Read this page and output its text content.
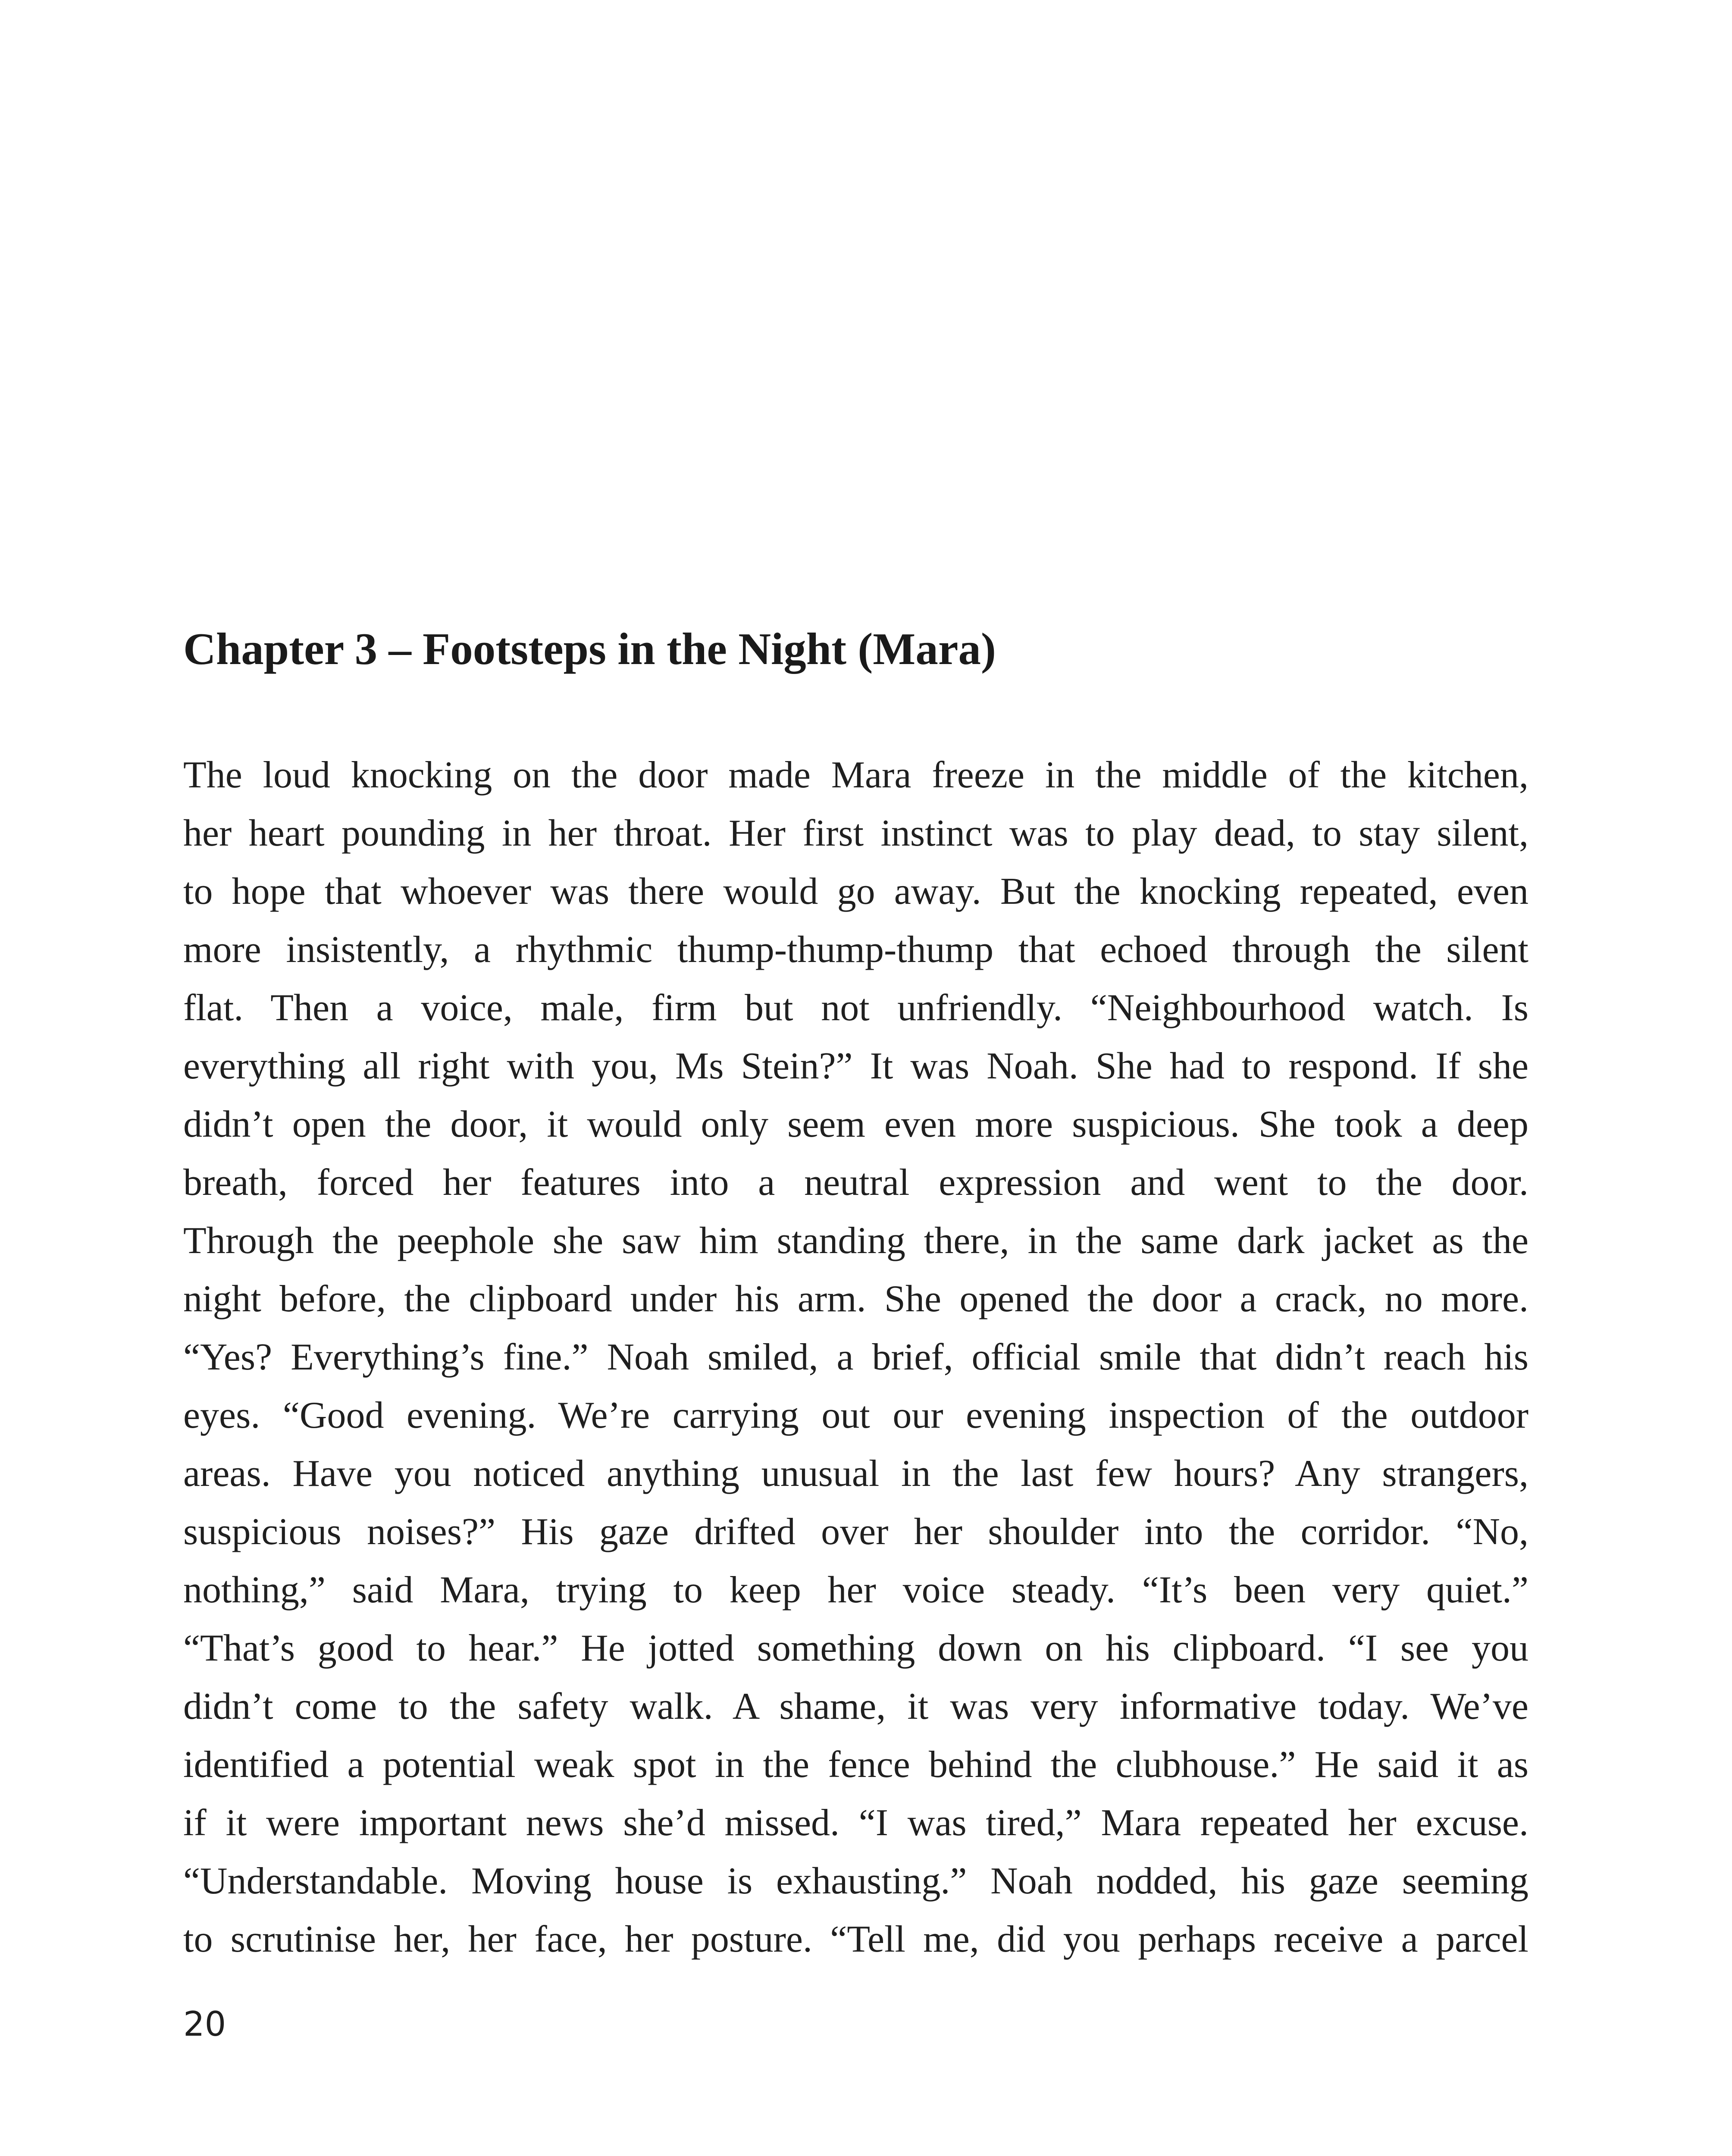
Chapter 3 – Footsteps in the Night (Mara)
The loud knocking on the door made Mara freeze in the middle of the kitchen,
her heart pounding in her throat. Her first instinct was to play dead, to stay silent,
to hope that whoever was there would go away. But the knocking repeated, even
more insistently, a rhythmic thump-thump-thump that echoed through the silent
flat. Then a voice, male, firm but not unfriendly. “Neighbourhood watch. Is
everything all right with you, Ms Stein?” It was Noah. She had to respond. If she
didn’t open the door, it would only seem even more suspicious. She took a deep
breath, forced her features into a neutral expression and went to the door.
Through the peephole she saw him standing there, in the same dark jacket as the
night before, the clipboard under his arm. She opened the door a crack, no more.
“Yes? Everything’s fine.” Noah smiled, a brief, official smile that didn’t reach his
eyes. “Good evening. We’re carrying out our evening inspection of the outdoor
areas. Have you noticed anything unusual in the last few hours? Any strangers,
suspicious noises?” His gaze drifted over her shoulder into the corridor. “No,
nothing,” said Mara, trying to keep her voice steady. “It’s been very quiet.”
“That’s good to hear.” He jotted something down on his clipboard. “I see you
didn’t come to the safety walk. A shame, it was very informative today. We’ve
identified a potential weak spot in the fence behind the clubhouse.” He said it as
if it were important news she’d missed. “I was tired,” Mara repeated her excuse.
“Understandable. Moving house is exhausting.” Noah nodded, his gaze seeming
to scrutinise her, her face, her posture. “Tell me, did you perhaps receive a parcel
20
